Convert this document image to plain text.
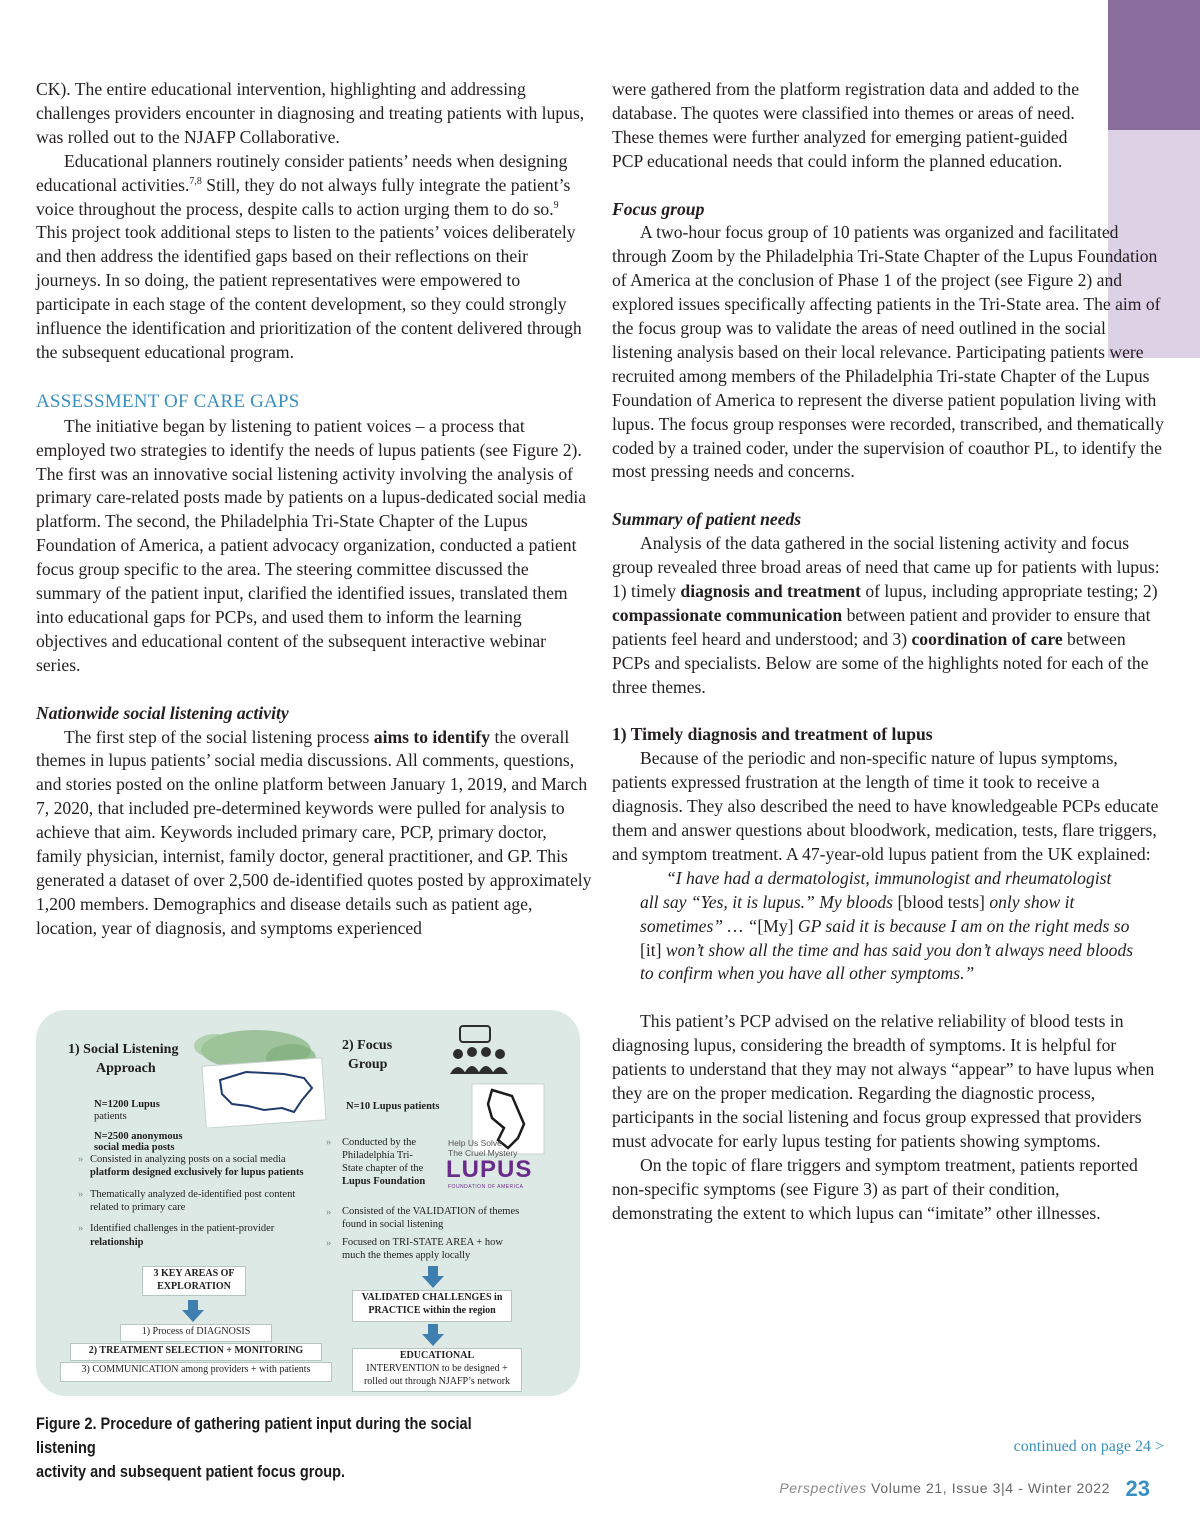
CK). The entire educational intervention, highlighting and addressing challenges providers encounter in diagnosing and treating patients with lupus, was rolled out to the NJAFP Collaborative.

Educational planners routinely consider patients’ needs when designing educational activities.$^{7,8}$ Still, they do not always fully integrate the patient’s voice throughout the process, despite calls to action urging them to do so.$^9$ This project took additional steps to listen to the patients’ voices deliberately and then address the identified gaps based on their reflections on their journeys. In so doing, the patient representatives were empowered to participate in each stage of the content development, so they could strongly influence the identification and prioritization of the content delivered through the subsequent educational program.

ASSESSMENT OF CARE GAPS

The initiative began by listening to patient voices – a process that employed two strategies to identify the needs of lupus patients (see Figure 2). The first was an innovative social listening activity involving the analysis of primary care-related posts made by patients on a lupus-dedicated social media platform. The second, the Philadelphia Tri-State Chapter of the Lupus Foundation of America, a patient advocacy organization, conducted a patient focus group specific to the area. The steering committee discussed the summary of the patient input, clarified the identified issues, translated them into educational gaps for PCPs, and used them to inform the learning objectives and educational content of the subsequent interactive webinar series.

Nationwide social listening activity

The first step of the social listening process aims to identify the overall themes in lupus patients’ social media discussions. All comments, questions, and stories posted on the online platform between January 1, 2019, and March 7, 2020, that included pre-determined keywords were pulled for analysis to achieve that aim. Keywords included primary care, PCP, primary doctor, family physician, internist, family doctor, general practitioner, and GP. This generated a dataset of over 2,500 de-identified quotes posted by approximately 1,200 members. Demographics and disease details such as patient age, location, year of diagnosis, and symptoms experienced

were gathered from the platform registration data and added to the database. The quotes were classified into themes or areas of need. These themes were further analyzed for emerging patient-guided PCP educational needs that could inform the planned education.

Focus group

A two-hour focus group of 10 patients was organized and facilitated through Zoom by the Philadelphia Tri-State Chapter of the Lupus Foundation of America at the conclusion of Phase 1 of the project (see Figure 2) and explored issues specifically affecting patients in the Tri-State area. The aim of the focus group was to validate the areas of need outlined in the social listening analysis based on their local relevance. Participating patients were recruited among members of the Philadelphia Tri-state Chapter of the Lupus Foundation of America to represent the diverse patient population living with lupus. The focus group responses were recorded, transcribed, and thematically coded by a trained coder, under the supervision of coauthor PL, to identify the most pressing needs and concerns.

Summary of patient needs

Analysis of the data gathered in the social listening activity and focus group revealed three broad areas of need that came up for patients with lupus: 1) timely diagnosis and treatment of lupus, including appropriate testing; 2) compassionate communication between patient and provider to ensure that patients feel heard and understood; and 3) coordination of care between PCPs and specialists. Below are some of the highlights noted for each of the three themes.

1) Timely diagnosis and treatment of lupus

Because of the periodic and non-specific nature of lupus symptoms, patients expressed frustration at the length of time it took to receive a diagnosis. They also described the need to have knowledgeable PCPs educate them and answer questions about bloodwork, medication, tests, flare triggers, and symptom treatment. A 47-year-old lupus patient from the UK explained:

“I have had a dermatologist, immunologist and rheumatologist all say “Yes, it is lupus.” My bloods [blood tests] only show it sometimes” … “[My] GP said it is because I am on the right meds so [it] won’t show all the time and has said you don’t always need bloods to confirm when you have all other symptoms.”

This patient’s PCP advised on the relative reliability of blood tests in diagnosing lupus, considering the breadth of symptoms. It is helpful for patients to understand that they may not always “appear” to have lupus when they are on the proper medication. Regarding the diagnostic process, participants in the social listening and focus group expressed that providers must advocate for early lupus testing for patients showing symptoms.

On the topic of flare triggers and symptom treatment, patients reported non-specific symptoms (see Figure 3) as part of their condition, demonstrating the extent to which lupus can “imitate” other illnesses.

1) Social Listening
Approach
N=1200 Lupus
patients
N=2500 anonymous
social media posts
» Consisted in analyzing posts on a social media
platform designed exclusively for lupus patients
» Thematically analyzed de-identified post content
related to primary care
» Identified challenges in the patient-provider
relationship
3 KEY AREAS OF
EXPLORATION
1) Process of DIAGNOSIS
2) TREATMENT SELECTION + MONITORING
3) COMMUNICATION among providers + with patients
2) Focus
Group
N=10 Lupus patients
» Conducted by the
Philadelphia Tri-
State chapter of the
Lupus Foundation
Help Us Solve
The Cruel Mystery
LUPUS
FOUNDATION OF AMERICA
» Consisted of the VALIDATION of themes
found in social listening
» Focused on TRI-STATE AREA + how
much the themes apply locally
VALIDATED CHALLENGES in
PRACTICE within the region
EDUCATIONAL
INTERVENTION to be designed +
rolled out through NJAFP’s network
Figure 2. Procedure of gathering patient input during the social listening
activity and subsequent patient focus group.
continued on page 24 >
Perspectives Volume 21, Issue 3|4 - Winter 2022 23
